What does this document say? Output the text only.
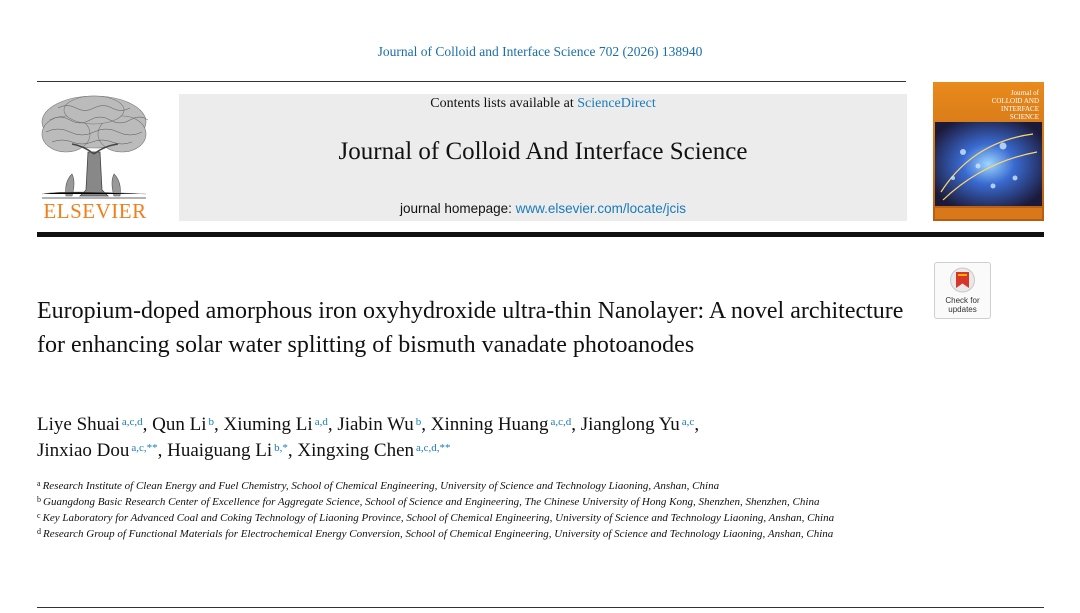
Journal of Colloid and Interface Science 702 (2026) 138940
ELSEVIER
Contents lists available at ScienceDirect
Journal of Colloid And Interface Science
journal homepage: www.elsevier.com/locate/jcis
Journal of
COLLOID AND
INTERFACE
SCIENCE
Check for
updates
Europium-doped amorphous iron oxyhydroxide ultra-thin Nanolayer: A novel architecture for enhancing solar water splitting of bismuth vanadate photoanodes
Liye Shuai $^{a,c,d}$, Qun Li $^b$, Xiuming Li $^{a,d}$, Jiabin Wu $^b$, Xinning Huang $^{a,c,d}$, Jianglong Yu $^{a,c}$,
Jinxiao Dou $^{a,c,**}$, Huaiguang Li $^{b,*}$, Xingxing Chen $^{a,c,d,**}$
$^a$ Research Institute of Clean Energy and Fuel Chemistry, School of Chemical Engineering, University of Science and Technology Liaoning, Anshan, China
$^b$ Guangdong Basic Research Center of Excellence for Aggregate Science, School of Science and Engineering, The Chinese University of Hong Kong, Shenzhen, Shenzhen, China
$^c$ Key Laboratory for Advanced Coal and Coking Technology of Liaoning Province, School of Chemical Engineering, University of Science and Technology Liaoning, Anshan, China
$^d$ Research Group of Functional Materials for Electrochemical Energy Conversion, School of Chemical Engineering, University of Science and Technology Liaoning, Anshan, China
